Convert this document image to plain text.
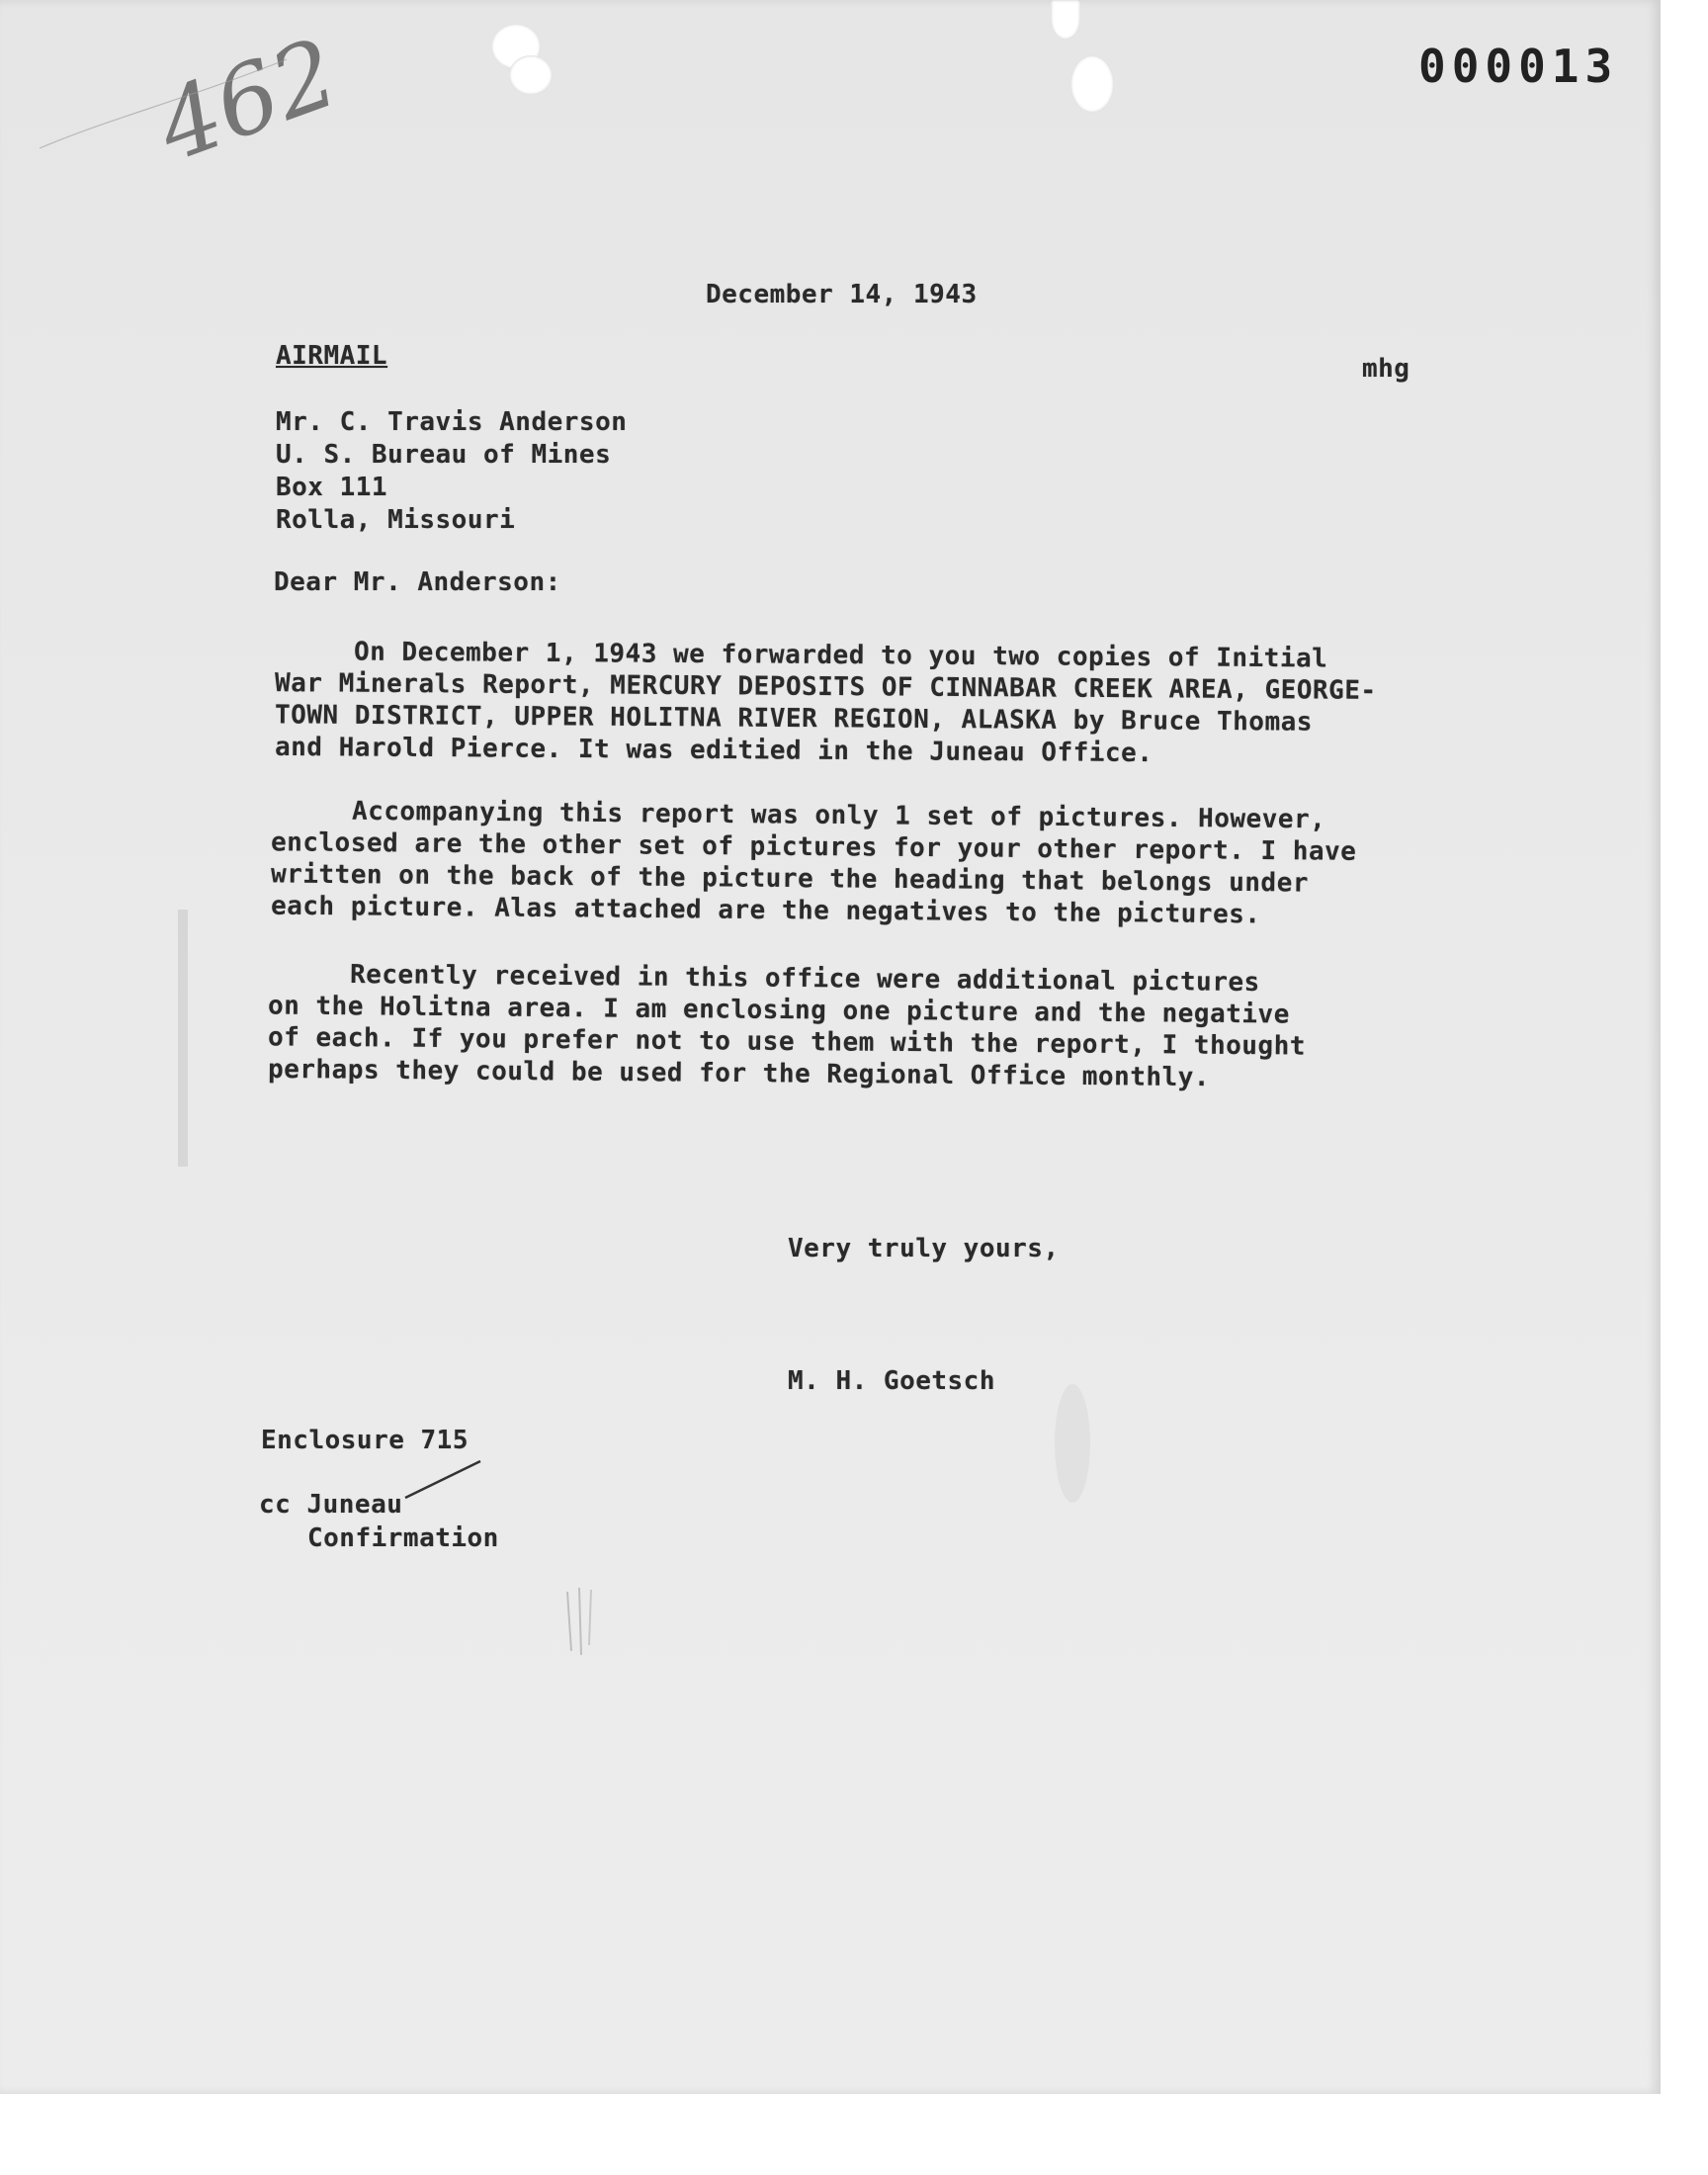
000013
462
December 14, 1943
AIRMAIL	mhg
Mr. C. Travis Anderson
U. S. Bureau of Mines
Box 111
Rolla, Missouri
Dear Mr. Anderson:
On December 1, 1943 we forwarded to you two copies of Initial
War Minerals Report, MERCURY DEPOSITS OF CINNABAR CREEK AREA, GEORGE-
TOWN DISTRICT, UPPER HOLITNA RIVER REGION, ALASKA by Bruce Thomas
and Harold Pierce. It was editied in the Juneau Office.
Accompanying this report was only 1 set of pictures. However,
enclosed are the other set of pictures for your other report. I have
written on the back of the picture the heading that belongs under
each picture. Alas attached are the negatives to the pictures.
Recently received in this office were additional pictures
on the Holitna area. I am enclosing one picture and the negative
of each. If you prefer not to use them with the report, I thought
perhaps they could be used for the Regional Office monthly.
Very truly yours,
M. H. Goetsch
Enclosure 715
cc Juneau
Confirmation
